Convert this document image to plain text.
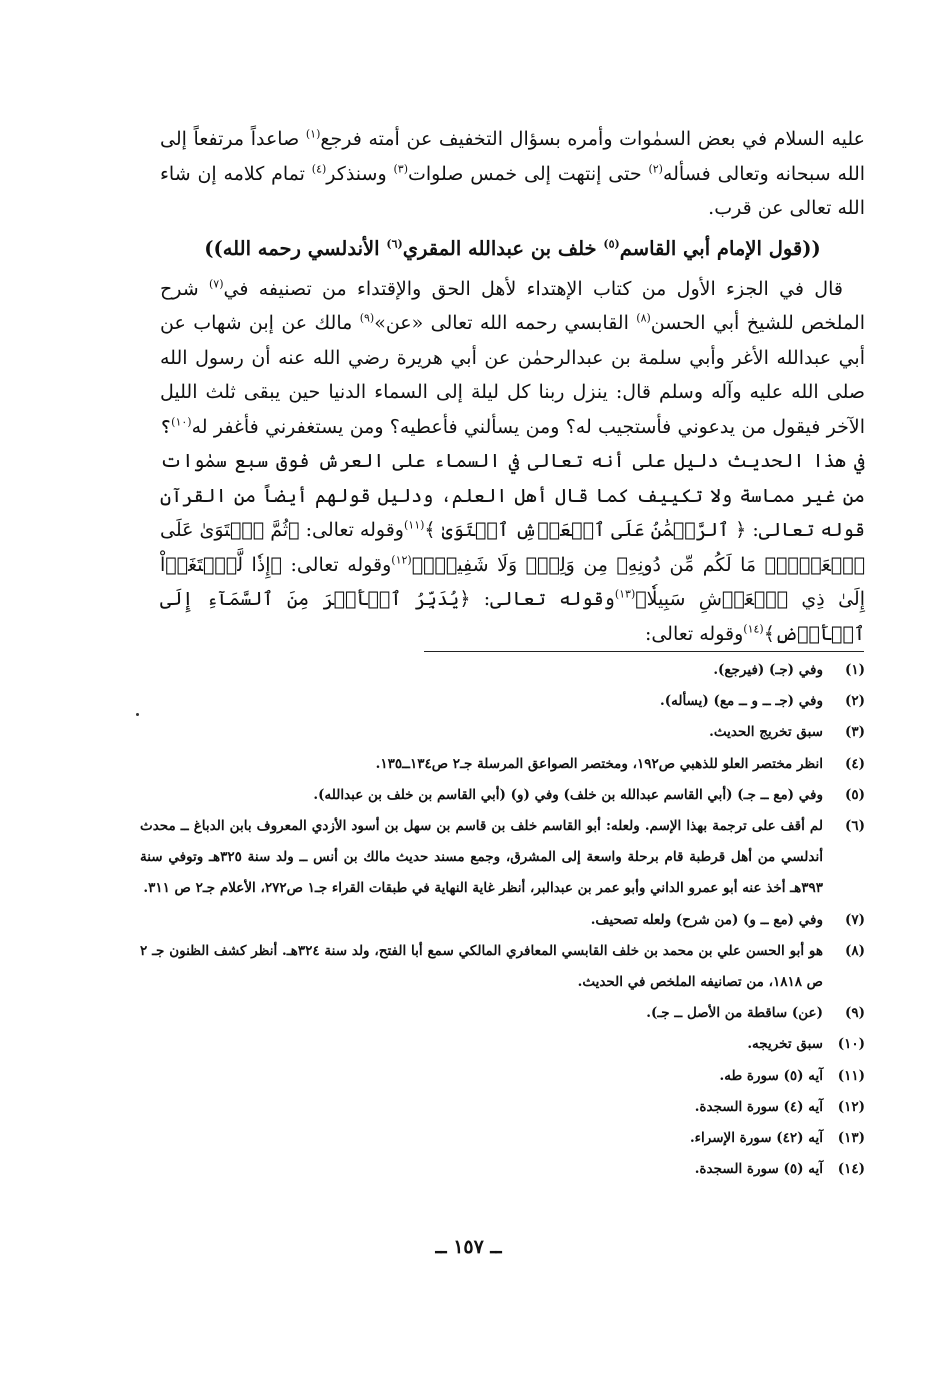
عليه السلام في بعض السمٰوات وأمره بسؤال التخفيف عن أمته فرجع$^{(١)}$ صاعداً مرتفعاً إلى الله سبحانه وتعالى فسأله$^{(٢)}$ حتى إنتهت إلى خمس صلوات$^{(٣)}$ وسنذكر$^{(٤)}$ تمام كلامه إن شاء الله تعالى عن قرب.

((قول الإمام أبي القاسم$^{(٥)}$ خلف بن عبدالله المقري$^{(٦)}$ الأندلسي رحمه الله))

قال في الجزء الأول من كتاب الإهتداء لأهل الحق والإقتداء من تصنيفه في$^{(٧)}$ شرح الملخص للشيخ أبي الحسن$^{(٨)}$ القابسي رحمه الله تعالى «عن»$^{(٩)}$ مالك عن إبن شهاب عن أبي عبدالله الأغر وأبي سلمة بن عبدالرحمٰن عن أبي هريرة رضي الله عنه أن رسول الله صلى الله عليه وآله وسلم قال: ينزل ربنا كل ليلة إلى السماء الدنيا حين يبقى ثلث الليل الآخر فيقول من يدعوني فأستجيب له؟ ومن يسألني فأعطيه؟ ومن يستغفرني فأغفر له$^{(١٠)}$؟ في هذا الحديث دليل على أنه تعالى في السماء على العرش فوق سبع سمٰوات من غير مماسة ولا تكييف كما قال أهل العلم، ودليل قولهم أيضاً من القرآن قوله تعالى: ﴿ ٱلرَّحۡمَٰنُ عَلَى ٱلۡعَرۡشِ ٱسۡتَوَىٰ ﴾$^{(١١)}$وقوله تعالى: ﴿ثُمَّ ٱسۡتَوَىٰ عَلَى ٱلۡعَرۡشِۖ مَا لَكُم مِّن دُونِهِۦ مِن وَلِيّٖ وَلَا شَفِيعٍۚ﴾$^{(١٢)}$وقوله تعالى: ﴿إِذٗا لَّٱبۡتَغَوۡاْ إِلَىٰ ذِي ٱلۡعَرۡشِ سَبِيلٗا﴾$^{(١٣)}$وقوله تعالى: ﴿يُدَبِّرُ ٱلۡأَمۡرَ مِنَ ٱلسَّمَآءِ إِلَى ٱلۡأَرۡضِ﴾$^{(١٤)}$وقوله تعالى:

(١)
وفي (جـ) (فيرجع).
(٢)
وفي (جـ ــ و ــ مع) (يسأله).
(٣)
سبق تخريج الحديث.
(٤)
انظر مختصر العلو للذهبي ص١٩٢، ومختصر الصواعق المرسلة جـ٢ ص١٣٤ــ١٣٥.
(٥)
وفي (مع ــ جـ) (أبي القاسم عبدالله بن خلف) وفي (و) (أبي القاسم بن خلف بن عبدالله).
(٦)
لم أقف على ترجمة بهذا الإسم. ولعله: أبو القاسم خلف بن قاسم بن سهل بن أسود الأزدي المعروف بابن الدباغ ــ محدث أندلسي من أهل قرطبة قام برحلة واسعة إلى المشرق، وجمع مسند حديث مالك بن أنس ــ ولد سنة ٣٢٥هـ وتوفي سنة ٣٩٣هـ أخذ عنه أبو عمرو الداني وأبو عمر بن عبدالبر، أنظر غاية النهاية في طبقات القراء جـ١ ص٢٧٢، الأعلام جـ٢ ص ٣١١.
(٧)
وفي (مع ــ و) (من شرح) ولعله تصحيف.
(٨)
هو أبو الحسن علي بن محمد بن خلف القابسي المعافري المالكي سمع أبا الفتح، ولد سنة ٣٢٤هـ. أنظر كشف الظنون جـ ٢ ص ١٨١٨، من تصانيفه الملخص في الحديث.
(٩)
(عن) ساقطة من الأصل ــ جـ).
(١٠)
سبق تخريجه.
(١١)
آيه (٥) سورة طه.
(١٢)
آيه (٤) سورة السجدة.
(١٣)
آيه (٤٢) سورة الإسراء.
(١٤)
آيه (٥) سورة السجدة.
ــ ١٥٧ ــ
